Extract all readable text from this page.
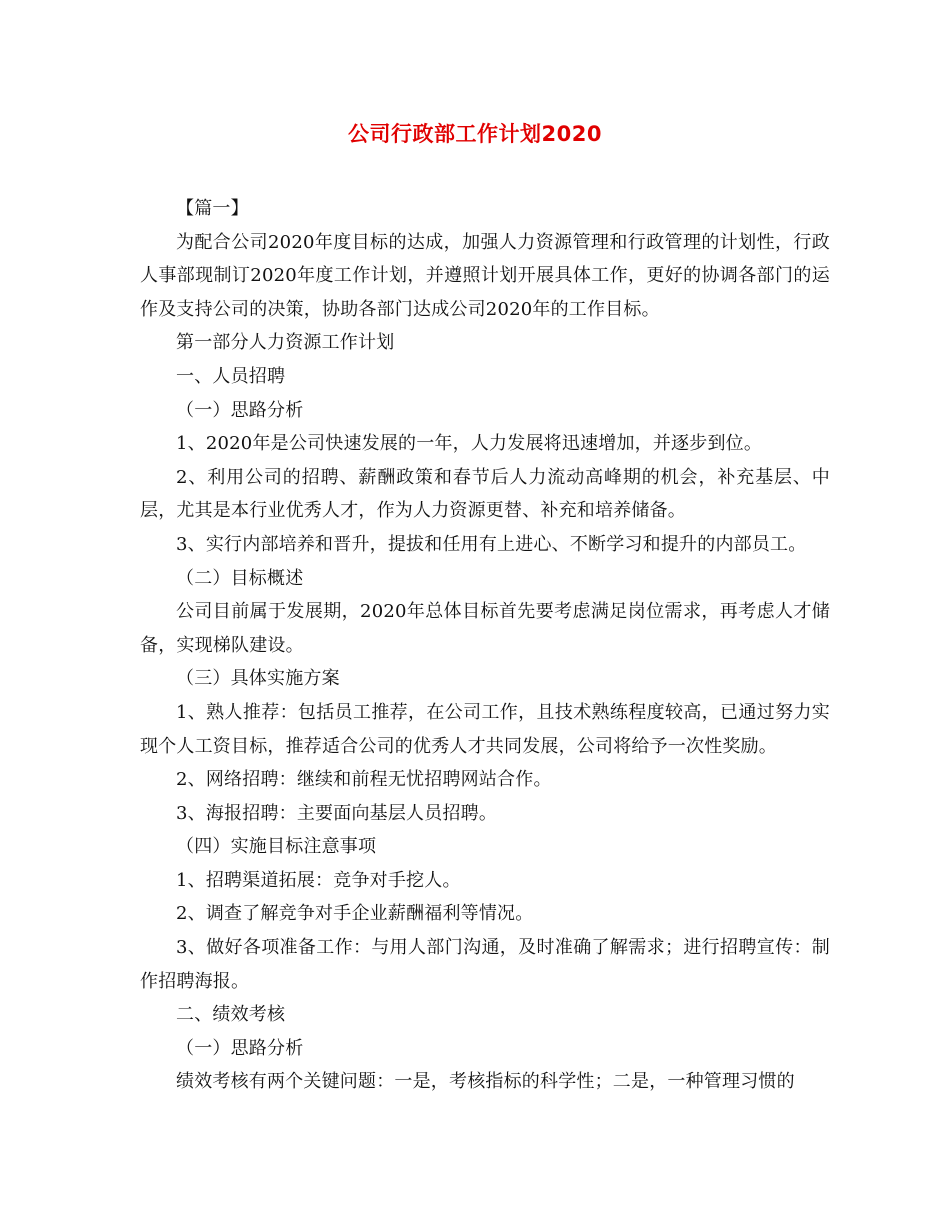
公司行政部工作计划2020

【篇一】

为配合公司2020年度目标的达成，加强人力资源管理和行政管理的计划性，行政人事部现制订2020年度工作计划，并遵照计划开展具体工作，更好的协调各部门的运作及支持公司的决策，协助各部门达成公司2020年的工作目标。

第一部分人力资源工作计划

一、人员招聘

（一）思路分析

1、2020年是公司快速发展的一年，人力发展将迅速增加，并逐步到位。

2、利用公司的招聘、薪酬政策和春节后人力流动高峰期的机会，补充基层、中层，尤其是本行业优秀人才，作为人力资源更替、补充和培养储备。

3、实行内部培养和晋升，提拔和任用有上进心、不断学习和提升的内部员工。

（二）目标概述

公司目前属于发展期，2020年总体目标首先要考虑满足岗位需求，再考虑人才储备，实现梯队建设。

（三）具体实施方案

1、熟人推荐：包括员工推荐，在公司工作，且技术熟练程度较高，已通过努力实现个人工资目标，推荐适合公司的优秀人才共同发展，公司将给予一次性奖励。

2、网络招聘：继续和前程无忧招聘网站合作。

3、海报招聘：主要面向基层人员招聘。

（四）实施目标注意事项

1、招聘渠道拓展：竞争对手挖人。

2、调查了解竞争对手企业薪酬福利等情况。

3、做好各项准备工作：与用人部门沟通，及时准确了解需求；进行招聘宣传：制作招聘海报。

二、绩效考核

（一）思路分析

绩效考核有两个关键问题：一是，考核指标的科学性；二是，一种管理习惯的
